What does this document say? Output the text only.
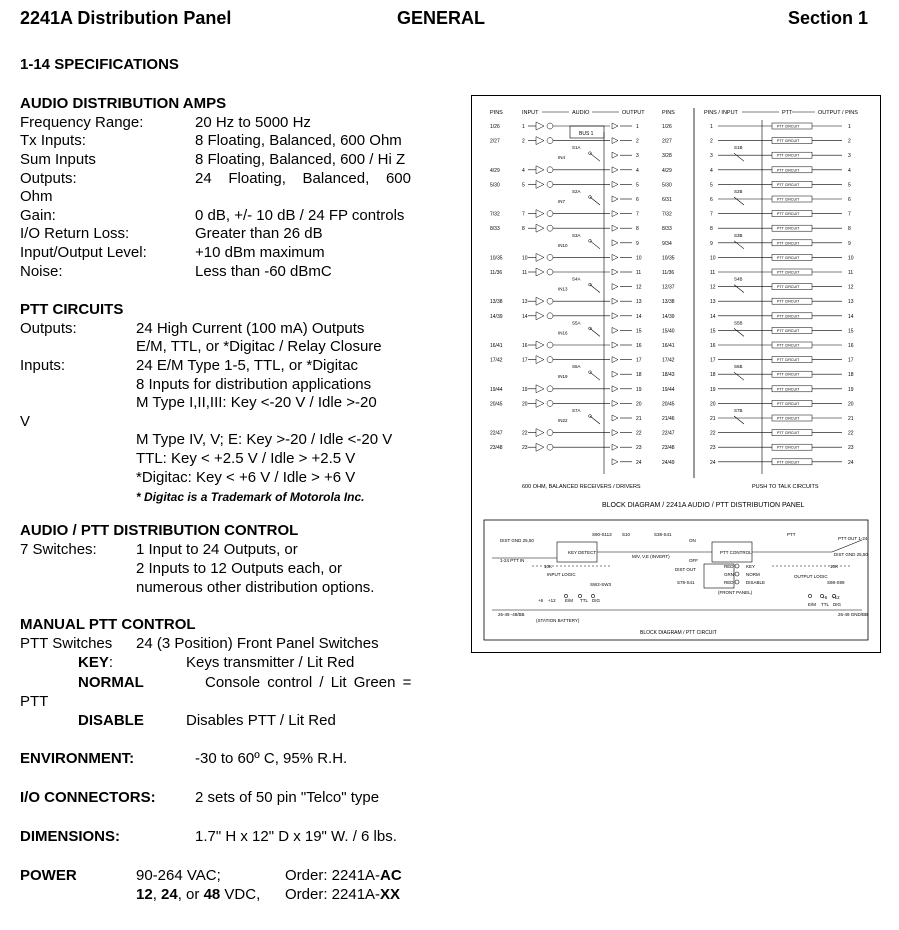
2241A Distribution Panel	GENERAL	Section 1
1-14 SPECIFICATIONS
AUDIO DISTRIBUTION AMPS
Frequency Range:	20 Hz to 5000 Hz
Tx Inputs:	8 Floating, Balanced, 600 Ohm
Sum Inputs	8 Floating, Balanced, 600 / Hi Z
Outputs:	24    Floating,    Balanced,    600
Ohm
Gain:	0 dB, +/- 10 dB / 24 FP controls
I/O Return Loss:	Greater than 26 dB
Input/Output Level:	+10 dBm maximum
Noise:	Less than -60 dBmC
PTT CIRCUITS
Outputs:	24 High Current (100 mA) Outputs
E/M, TTL, or *Digitac / Relay Closure
Inputs:	24 E/M Type 1-5, TTL, or *Digitac
8 Inputs for distribution applications
M Type I,II,III: Key <-20 V / Idle >-20
V
M Type IV, V; E: Key >-20 / Idle <-20 V
TTL: Key < +2.5 V / Idle > +2.5 V
*Digitac: Key < +6 V / Idle > +6 V
* Digitac is a Trademark of Motorola Inc.
AUDIO / PTT DISTRIBUTION CONTROL
7 Switches:	1 Input to 24 Outputs, or
2 Inputs to 12 Outputs each, or
numerous other distribution options.
MANUAL PTT CONTROL
PTT Switches 24 (3 Position) Front Panel Switches
KEY:	Keys transmitter / Lit Red
NORMAL	Console control / Lit Green =
PTT
DISABLE	Disables PTT / Lit Red
ENVIRONMENT:	-30 to 60º C, 95% R.H.
I/O CONNECTORS:	2 sets of 50 pin "Telco" type
DIMENSIONS:	1.7" H x 12" D x 19" W. / 6 lbs.
POWER	90-264 VAC;	Order: 2241A-AC
12, 24, or 48 VDC, Order: 2241A-XX
PINS	INPUT	AUDIO	OUTPUT	PINS	PINS / INPUT	PTT	OUTPUT / PINS
BUS 1
1	1/26	1	PTT CIRCUIT	1
2	2/27	2	PTT CIRCUIT	2
3	3/28	3	PTT CIRCUIT	3
4	4/29	4	PTT CIRCUIT	4
5	5/30	5	PTT CIRCUIT	5
6	6/31	6	PTT CIRCUIT	6
7	7/32	7	PTT CIRCUIT	7
8	8/33	8	PTT CIRCUIT	8
9	9/34	9	PTT CIRCUIT	9
10	10/35	10	PTT CIRCUIT	10
11	11/36	11	PTT CIRCUIT	11
12	12/37	12	PTT CIRCUIT	12
13	13/38	13	PTT CIRCUIT	13
14	14/39	14	PTT CIRCUIT	14
15	15/40	15	PTT CIRCUIT	15
16	16/41	16	PTT CIRCUIT	16
17	17/42	17	PTT CIRCUIT	17
18	18/43	18	PTT CIRCUIT	18
19	19/44	19	PTT CIRCUIT	19
20	20/45	20	PTT CIRCUIT	20
21	21/46	21	PTT CIRCUIT	21
22	22/47	22	PTT CIRCUIT	22
23	23/48	23	PTT CIRCUIT	23
24	24/49	24	PTT CIRCUIT	24
1/26	1
2/27	2
4/29	4
5/30	5
7/32	7
8/33	8
10/35	10
11/36	11
13/38	13
14/39	14
16/41	16
17/42	17
19/44	19
20/45	20
22/47	22
23/48	23
S1A
IN4
S1B
S2A
IN7
S2B
S3A
IN10
S3B
S4A
IN13
S4B
S5A
IN16
S5B
S6A
IN19
S6B
S7A
IN22
S7B
600 OHM, BALANCED RECEIVERS / DRIVERS	PUSH TO TALK CIRCUITS
BLOCK DIAGRAM / 2241A AUDIO / PTT DISTRIBUTION PANEL
DIST GND 25,50
1-24 PTT IN
KEY DETECT
INPUT LOGIC
PTT CONTROL
OUTPUT LOGIC
PTT OUT 1-24
DIST GND 25,50
KEY
NORM
DISABLE
(FRONT PANEL)
(STATION BATTERY)
PTT
ON
OFF
DIST OUT
M/V, V,E (INVERT)
E/M TTL DIG
E/M TTL DIG
26-49 -48/BB	26-49 GND/BB
SW2-SW3
S10
S78-S41
S90-S113
S98-S99
S38-S41
10K	10K
+6 +12
+6 +12
RED
GRN
RED
BLOCK DIAGRAM / PTT CIRCUIT
